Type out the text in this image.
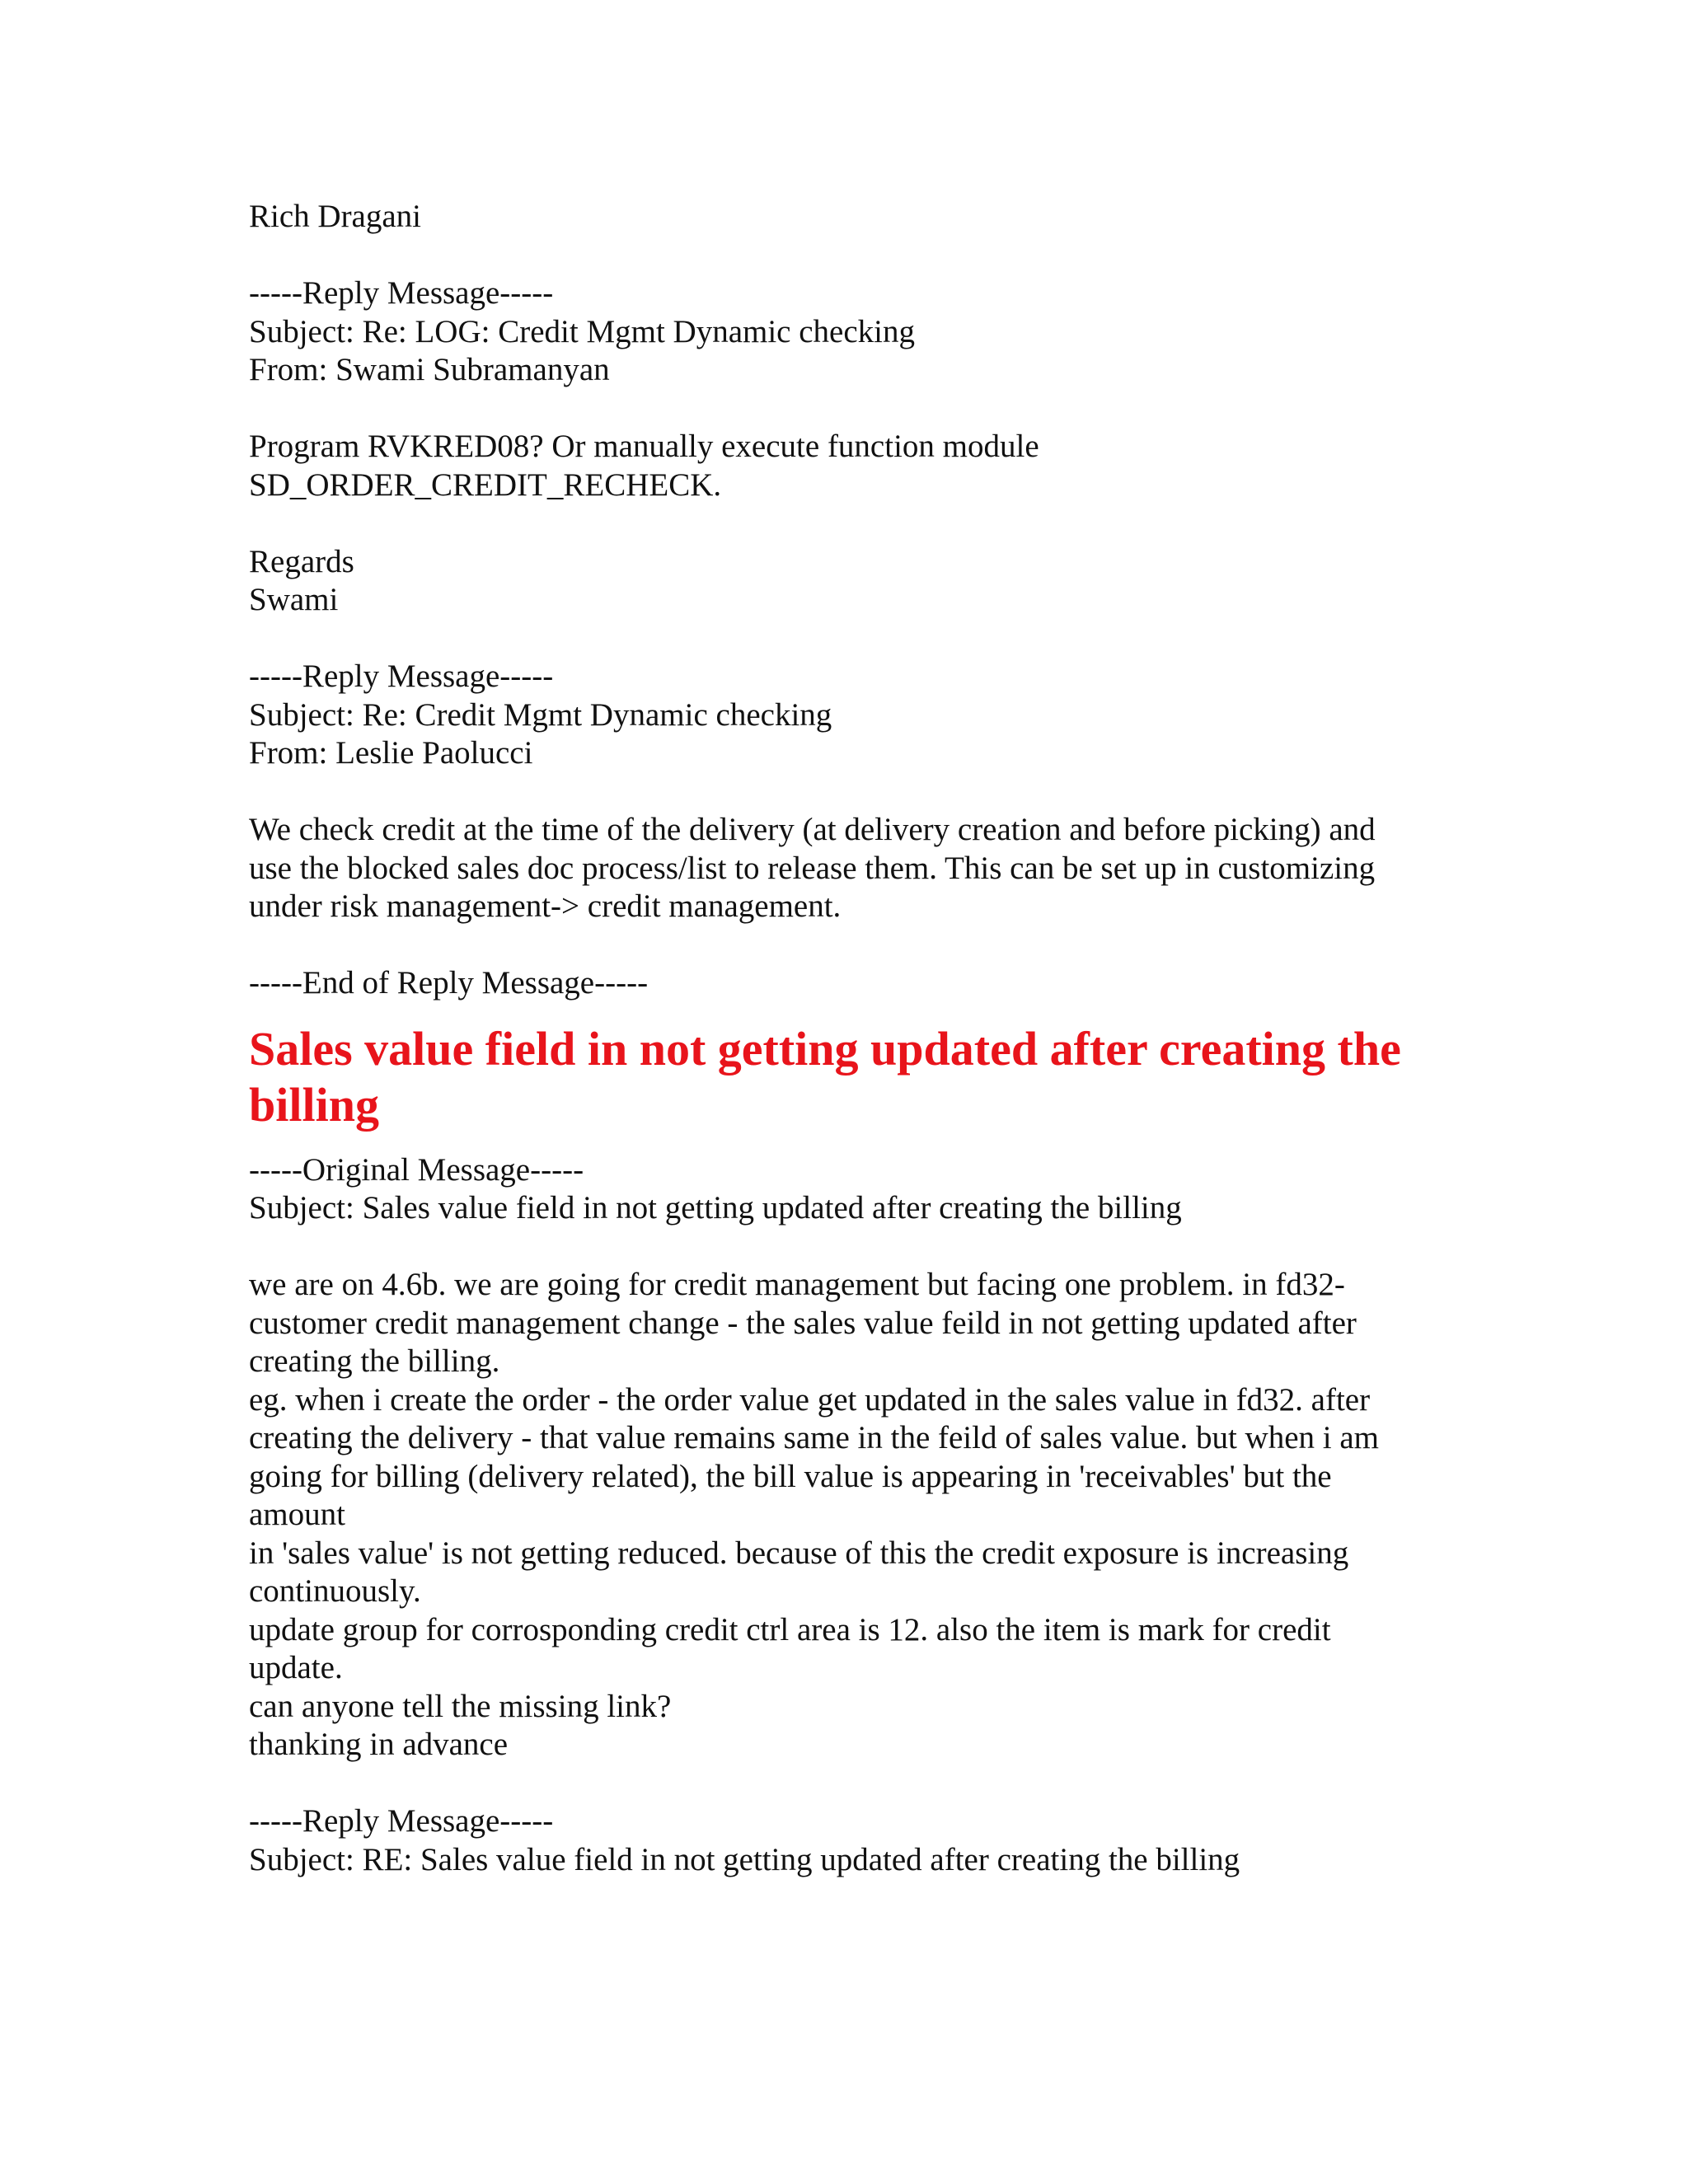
Rich Dragani
-----Reply Message-----
Subject: Re: LOG: Credit Mgmt Dynamic checking
From: Swami Subramanyan
Program RVKRED08? Or manually execute function module
SD_ORDER_CREDIT_RECHECK.
Regards
Swami
-----Reply Message-----
Subject: Re: Credit Mgmt Dynamic checking
From: Leslie Paolucci
We check credit at the time of the delivery (at delivery creation and before picking) and
use the blocked sales doc process/list to release them. This can be set up in customizing
under risk management-> credit management.
-----End of Reply Message-----
Sales value field in not getting updated after creating the billing
-----Original Message-----
Subject: Sales value field in not getting updated after creating the billing
we are on 4.6b. we are going for credit management but facing one problem. in fd32-
customer credit management change - the sales value feild in not getting updated after
creating the billing.
eg. when i create the order - the order value get updated in the sales value in fd32. after
creating the delivery - that value remains same in the feild of sales value. but when i am
going for billing (delivery related), the bill value is appearing in 'receivables' but the
amount
in 'sales value' is not getting reduced. because of this the credit exposure is increasing
continuously.
update group for corrosponding credit ctrl area is 12. also the item is mark for credit
update.
can anyone tell the missing link?
thanking in advance
-----Reply Message-----
Subject: RE: Sales value field in not getting updated after creating the billing
